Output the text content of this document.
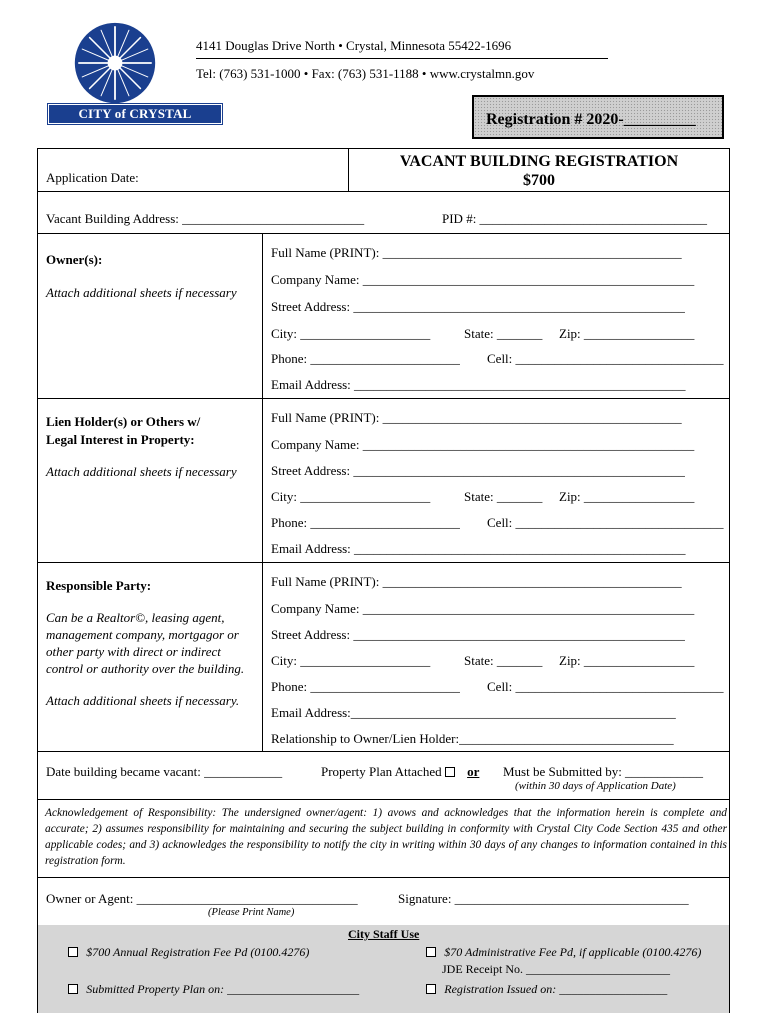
CITY of CRYSTAL
4141 Douglas Drive North • Crystal, Minnesota 55422-1696
Tel: (763) 531-1000 • Fax: (763) 531-1188 • www.crystalmn.gov
Registration # 2020-_________
Application Date:
VACANT BUILDING REGISTRATION
$700
Vacant Building Address: ____________________________	PID #: ___________________________________
Owner(s):
Attach additional sheets if necessary
Full Name (PRINT): ______________________________________________
Company Name: ___________________________________________________
Street Address: ___________________________________________________
City: ____________________	State: _______ Zip: _________________
Phone: _______________________ Cell: ________________________________
Email Address: ___________________________________________________
Lien Holder(s) or Others w/
Legal Interest in Property:
Attach additional sheets if necessary
Full Name (PRINT): ______________________________________________
Company Name: ___________________________________________________
Street Address: ___________________________________________________
City: ____________________	State: _______ Zip: _________________
Phone: _______________________ Cell: ________________________________
Email Address: ___________________________________________________
Responsible Party:
Can be a Realtor©, leasing agent,
management company, mortgagor or
other party with direct or indirect
control or authority over the building.
Attach additional sheets if necessary.
Full Name (PRINT): ______________________________________________
Company Name: ___________________________________________________
Street Address: ___________________________________________________
City: ____________________	State: _______ Zip: _________________
Phone: _______________________ Cell: ________________________________
Email Address:__________________________________________________
Relationship to Owner/Lien Holder:_________________________________
Date building became vacant: ____________	Property Plan Attached or Must be Submitted by: ____________
(within 30 days of Application Date)
Acknowledgement of Responsibility: The undersigned owner/agent: 1) avows and acknowledges that the information herein is complete and accurate; 2) assumes responsibility for maintaining and securing the subject building in conformity with Crystal City Code Section 435 and other applicable codes; and 3) acknowledges the responsibility to notify the city in writing within 30 days of any changes to information contained in this registration form.
Owner or Agent: __________________________________
(Please Print Name)
Signature: ____________________________________
City Staff Use
$700 Annual Registration Fee Pd (0100.4276)	$70 Administrative Fee Pd, if applicable (0100.4276)
JDE Receipt No. ________________________
Submitted Property Plan on: ______________________	Registration Issued on: __________________
